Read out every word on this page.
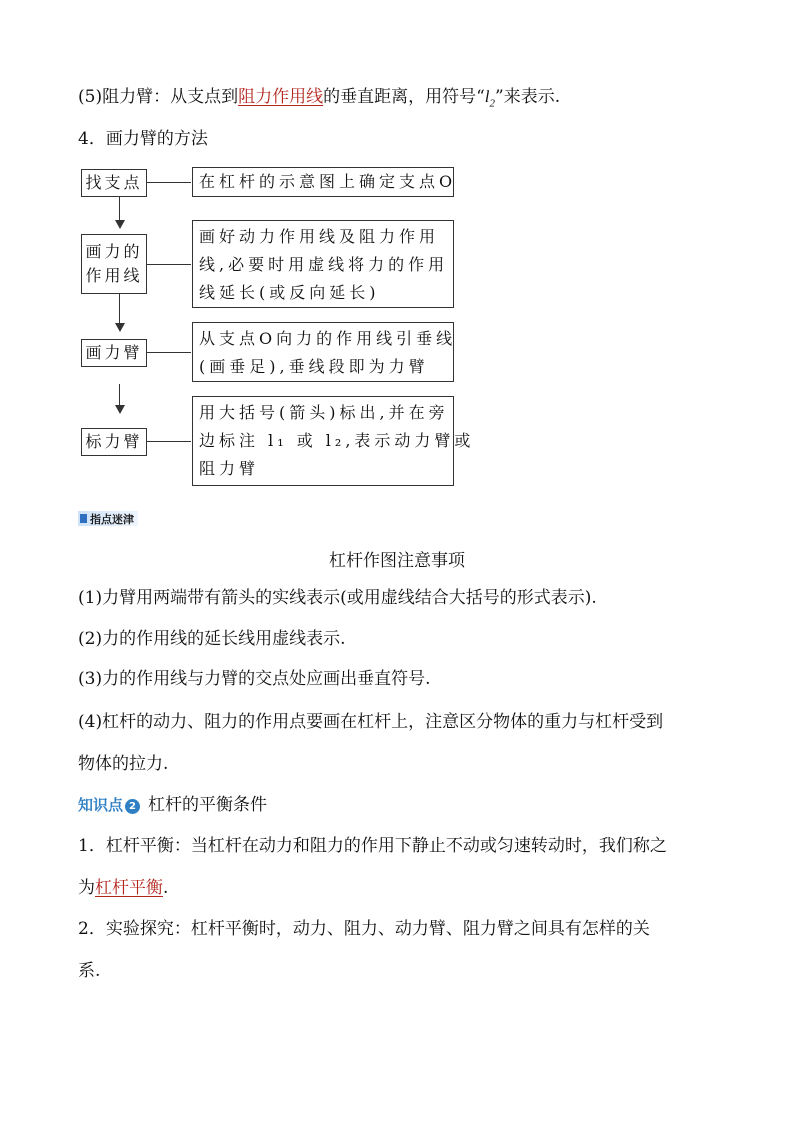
(5)阻力臂：从支点到阻力作用线的垂直距离，用符号“$l_2$”来表示.
4．画力臂的方法
找支点	在杠杆的示意图上确定支点O
画力的
作用线
画好动力作用线及阻力作用
线,必要时用虚线将力的作用
线延长(或反向延长)
画力臂
从支点O向力的作用线引垂线
(画垂足),垂线段即为力臂
标力臂
用大括号(箭头)标出,并在旁
边标注 l₁ 或 l₂,表示动力臂或
阻力臂
指点迷津
杠杆作图注意事项
(1)力臂用两端带有箭头的实线表示(或用虚线结合大括号的形式表示).
(2)力的作用线的延长线用虚线表示.
(3)力的作用线与力臂的交点处应画出垂直符号.
(4)杠杆的动力、阻力的作用点要画在杠杆上，注意区分物体的重力与杠杆受到
物体的拉力.
知识点 2 杠杆的平衡条件
1．杠杆平衡：当杠杆在动力和阻力的作用下静止不动或匀速转动时，我们称之
为杠杆平衡.
2．实验探究：杠杆平衡时，动力、阻力、动力臂、阻力臂之间具有怎样的关
系.
